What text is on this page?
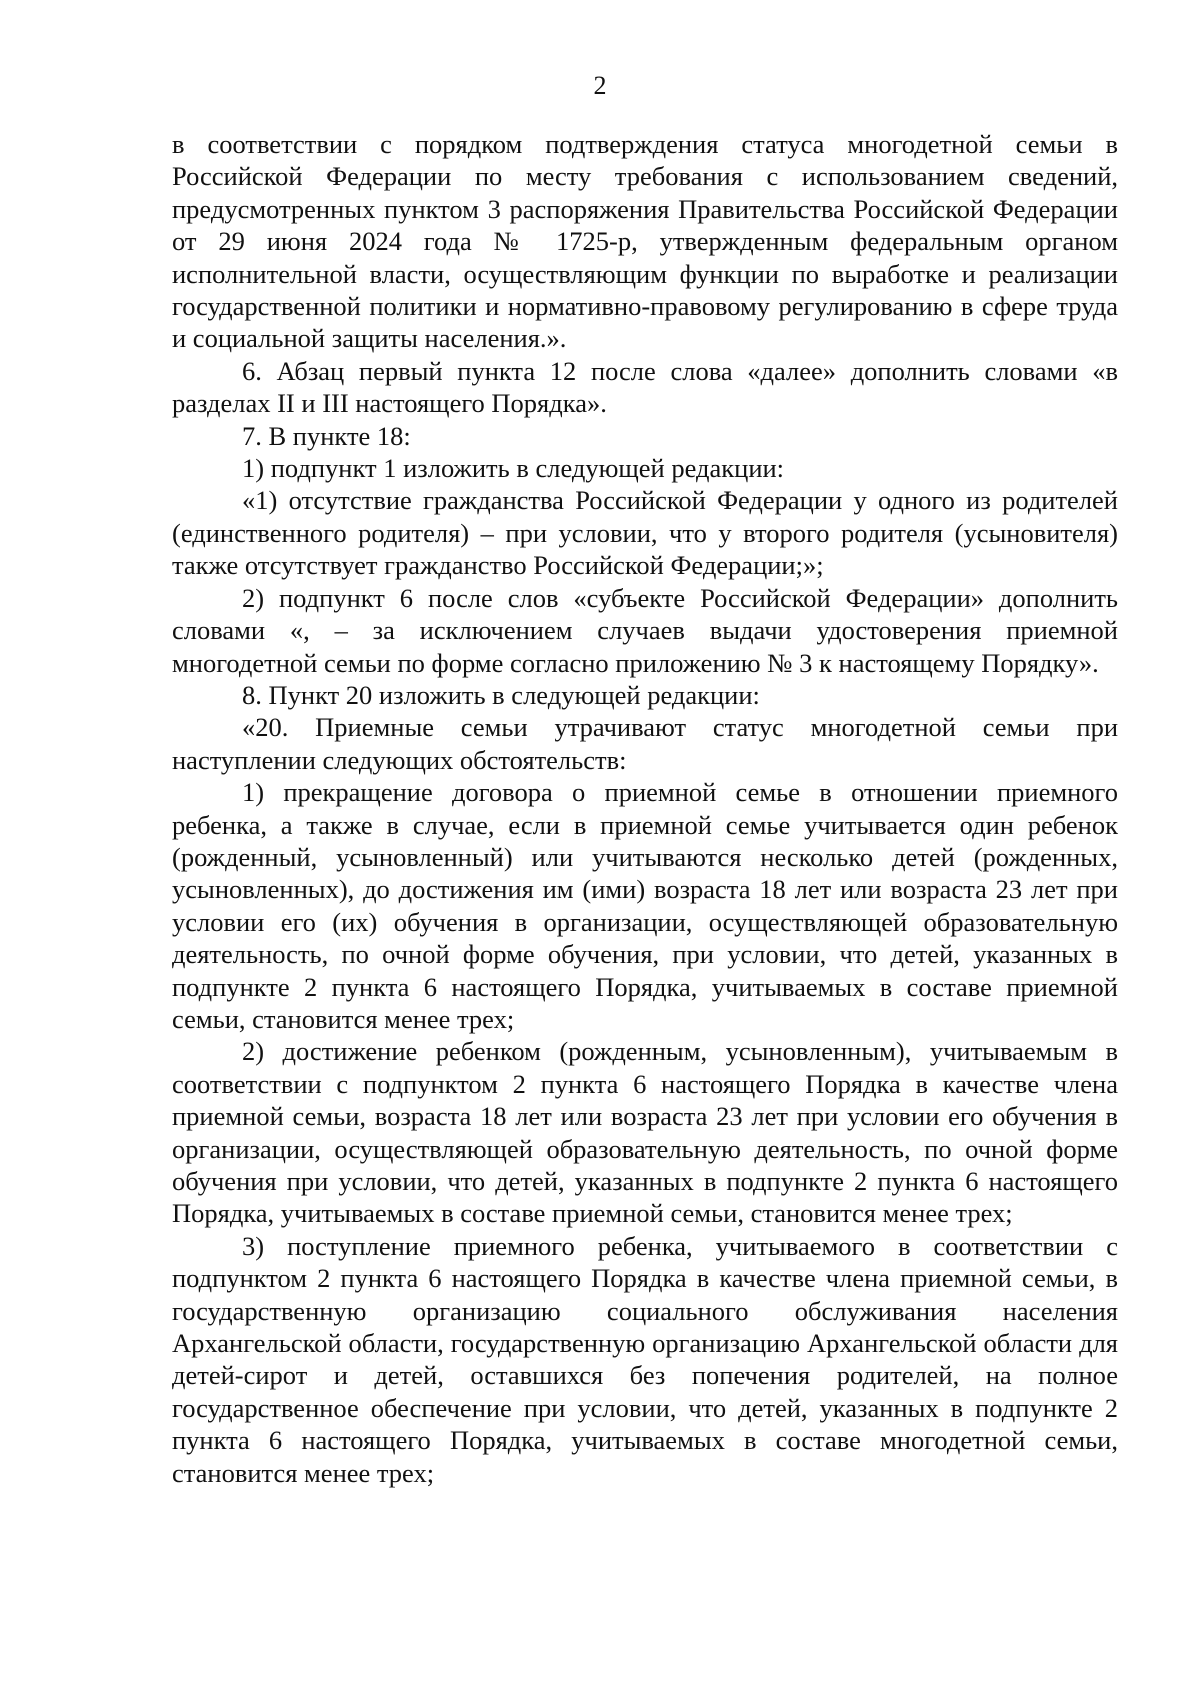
2

в соответствии с порядком подтверждения статуса многодетной семьи в Российской Федерации по месту требования с использованием сведений, предусмотренных пунктом 3 распоряжения Правительства Российской Федерации от 29 июня 2024 года № 1725-р, утвержденным федеральным органом исполнительной власти, осуществляющим функции по выработке и реализации государственной политики и нормативно-правовому регулированию в сфере труда и социальной защиты населения.».

6. Абзац первый пункта 12 после слова «далее» дополнить словами «в разделах II и III настоящего Порядка».

7. В пункте 18:

1) подпункт 1 изложить в следующей редакции:

«1) отсутствие гражданства Российской Федерации у одного из родителей (единственного родителя) – при условии, что у второго родителя (усыновителя) также отсутствует гражданство Российской Федерации;»;

2) подпункт 6 после слов «субъекте Российской Федерации» дополнить словами «, – за исключением случаев выдачи удостоверения приемной многодетной семьи по форме согласно приложению № 3 к настоящему Порядку».

8. Пункт 20 изложить в следующей редакции:

«20. Приемные семьи утрачивают статус многодетной семьи при наступлении следующих обстоятельств:

1) прекращение договора о приемной семье в отношении приемного ребенка, а также в случае, если в приемной семье учитывается один ребенок (рожденный, усыновленный) или учитываются несколько детей (рожденных, усыновленных), до достижения им (ими) возраста 18 лет или возраста 23 лет при условии его (их) обучения в организации, осуществляющей образовательную деятельность, по очной форме обучения, при условии, что детей, указанных в подпункте 2 пункта 6 настоящего Порядка, учитываемых в составе приемной семьи, становится менее трех;

2) достижение ребенком (рожденным, усыновленным), учитываемым в соответствии с подпунктом 2 пункта 6 настоящего Порядка в качестве члена приемной семьи, возраста 18 лет или возраста 23 лет при условии его обучения в организации, осуществляющей образовательную деятельность, по очной форме обучения при условии, что детей, указанных в подпункте 2 пункта 6 настоящего Порядка, учитываемых в составе приемной семьи, становится менее трех;

3) поступление приемного ребенка, учитываемого в соответствии с подпунктом 2 пункта 6 настоящего Порядка в качестве члена приемной семьи, в государственную организацию социального обслуживания населения Архангельской области, государственную организацию Архангельской области для детей-сирот и детей, оставшихся без попечения родителей, на полное государственное обеспечение при условии, что детей, указанных в подпункте 2 пункта 6 настоящего Порядка, учитываемых в составе многодетной семьи, становится менее трех;
